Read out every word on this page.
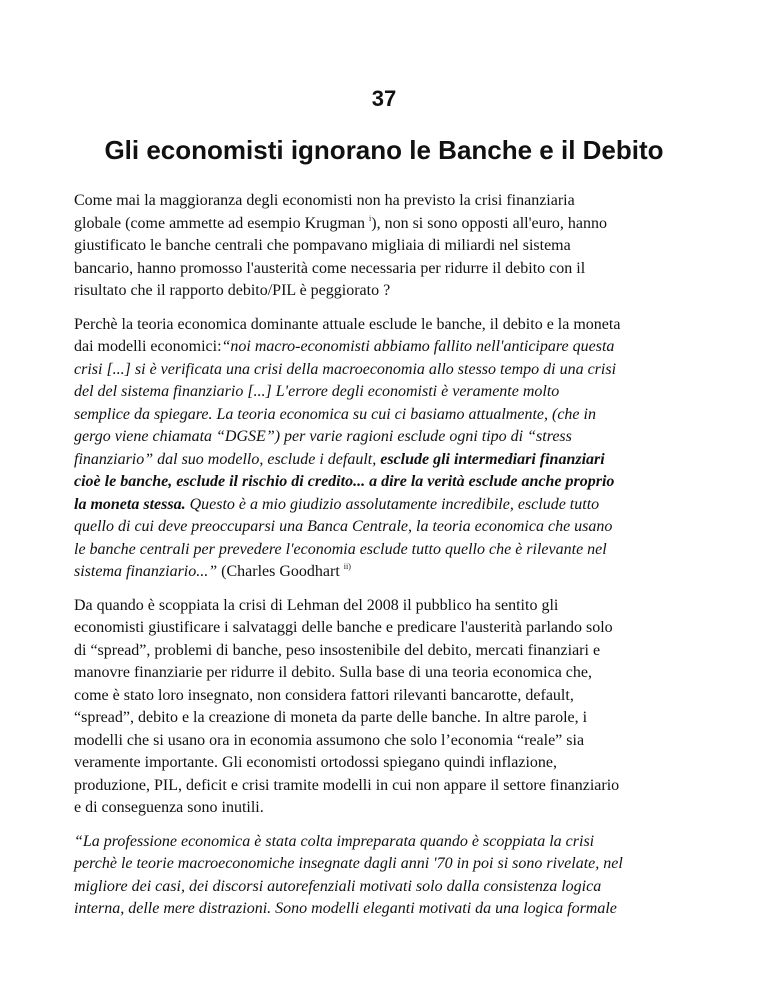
37
Gli economisti ignorano le Banche e il Debito
Come mai la maggioranza degli economisti non ha previsto la crisi finanziaria
globale (come ammette ad esempio Krugman $^i$), non si sono opposti all'euro, hanno
giustificato le banche centrali che pompavano migliaia di miliardi nel sistema
bancario, hanno promosso l'austerità come necessaria per ridurre il debito con il
risultato che il rapporto debito/PIL è peggiorato ?
Perchè la teoria economica dominante attuale esclude le banche, il debito e la moneta
dai modelli economici:“noi macro-economisti abbiamo fallito nell'anticipare questa
crisi [...] si è verificata una crisi della macroeconomia allo stesso tempo di una crisi
del del sistema finanziario [...] L'errore degli economisti è veramente molto
semplice da spiegare. La teoria economica su cui ci basiamo attualmente, (che in
gergo viene chiamata “DGSE”) per varie ragioni esclude ogni tipo di “stress
finanziario” dal suo modello, esclude i default, esclude gli intermediari finanziari
cioè le banche, esclude il rischio di credito... a dire la verità esclude anche proprio
la moneta stessa. Questo è a mio giudizio assolutamente incredibile, esclude tutto
quello di cui deve preoccuparsi una Banca Centrale, la teoria economica che usano
le banche centrali per prevedere l'economia esclude tutto quello che è rilevante nel
sistema finanziario...” (Charles Goodhart $^{ii)}$
Da quando è scoppiata la crisi di Lehman del 2008 il pubblico ha sentito gli
economisti giustificare i salvataggi delle banche e predicare l'austerità parlando solo
di “spread”, problemi di banche, peso insostenibile del debito, mercati finanziari e
manovre finanziarie per ridurre il debito. Sulla base di una teoria economica che,
come è stato loro insegnato, non considera fattori rilevanti bancarotte, default,
“spread”, debito e la creazione di moneta da parte delle banche. In altre parole, i
modelli che si usano ora in economia assumono che solo l’economia “reale” sia
veramente importante. Gli economisti ortodossi spiegano quindi inflazione,
produzione, PIL, deficit e crisi tramite modelli in cui non appare il settore finanziario
e di conseguenza sono inutili.
“La professione economica è stata colta impreparata quando è scoppiata la crisi
perchè le teorie macroeconomiche insegnate dagli anni '70 in poi si sono rivelate, nel
migliore dei casi, dei discorsi autorefenziali motivati solo dalla consistenza logica
interna, delle mere distrazioni. Sono modelli eleganti motivati da una logica formale
